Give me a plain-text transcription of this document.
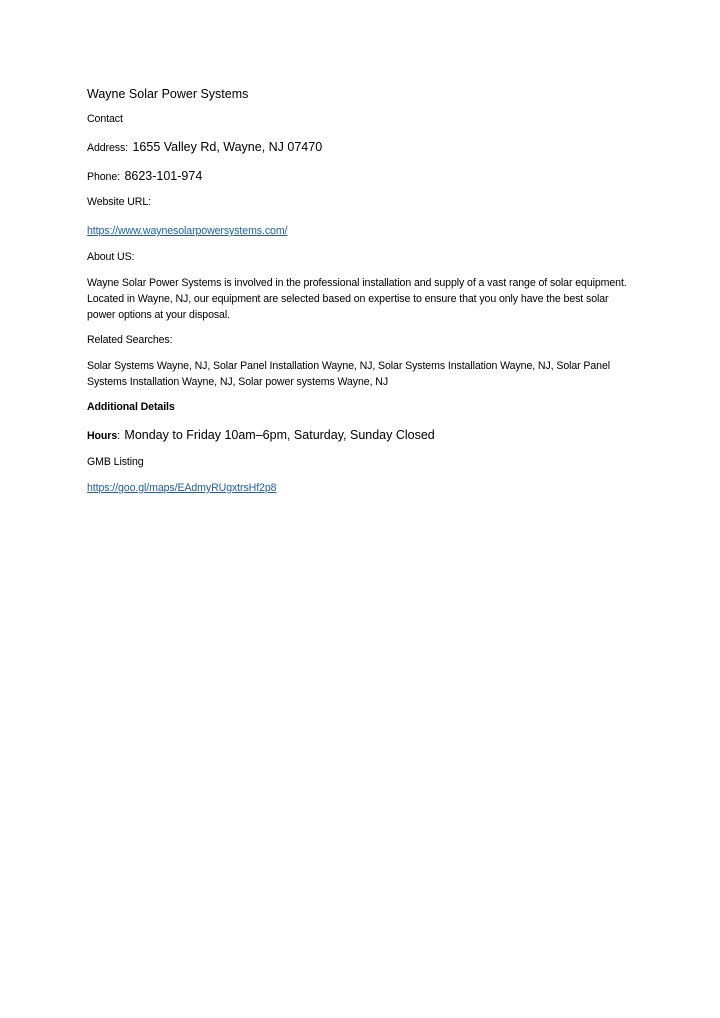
Wayne Solar Power Systems
Contact
Address: 1655 Valley Rd, Wayne, NJ 07470
Phone: 8623-101-974
Website URL:
https://www.waynesolarpowersystems.com/
About US:
Wayne Solar Power Systems is involved in the professional installation and supply of a vast range of solar equipment. Located in Wayne, NJ, our equipment are selected based on expertise to ensure that you only have the best solar power options at your disposal.
Related Searches:
Solar Systems Wayne, NJ, Solar Panel Installation Wayne, NJ, Solar Systems Installation Wayne, NJ, Solar Panel Systems Installation Wayne, NJ, Solar power systems Wayne, NJ
Additional Details
Hours: Monday to Friday 10am–6pm, Saturday, Sunday Closed
GMB Listing
https://goo.gl/maps/EAdmyRUgxtrsHf2p8
